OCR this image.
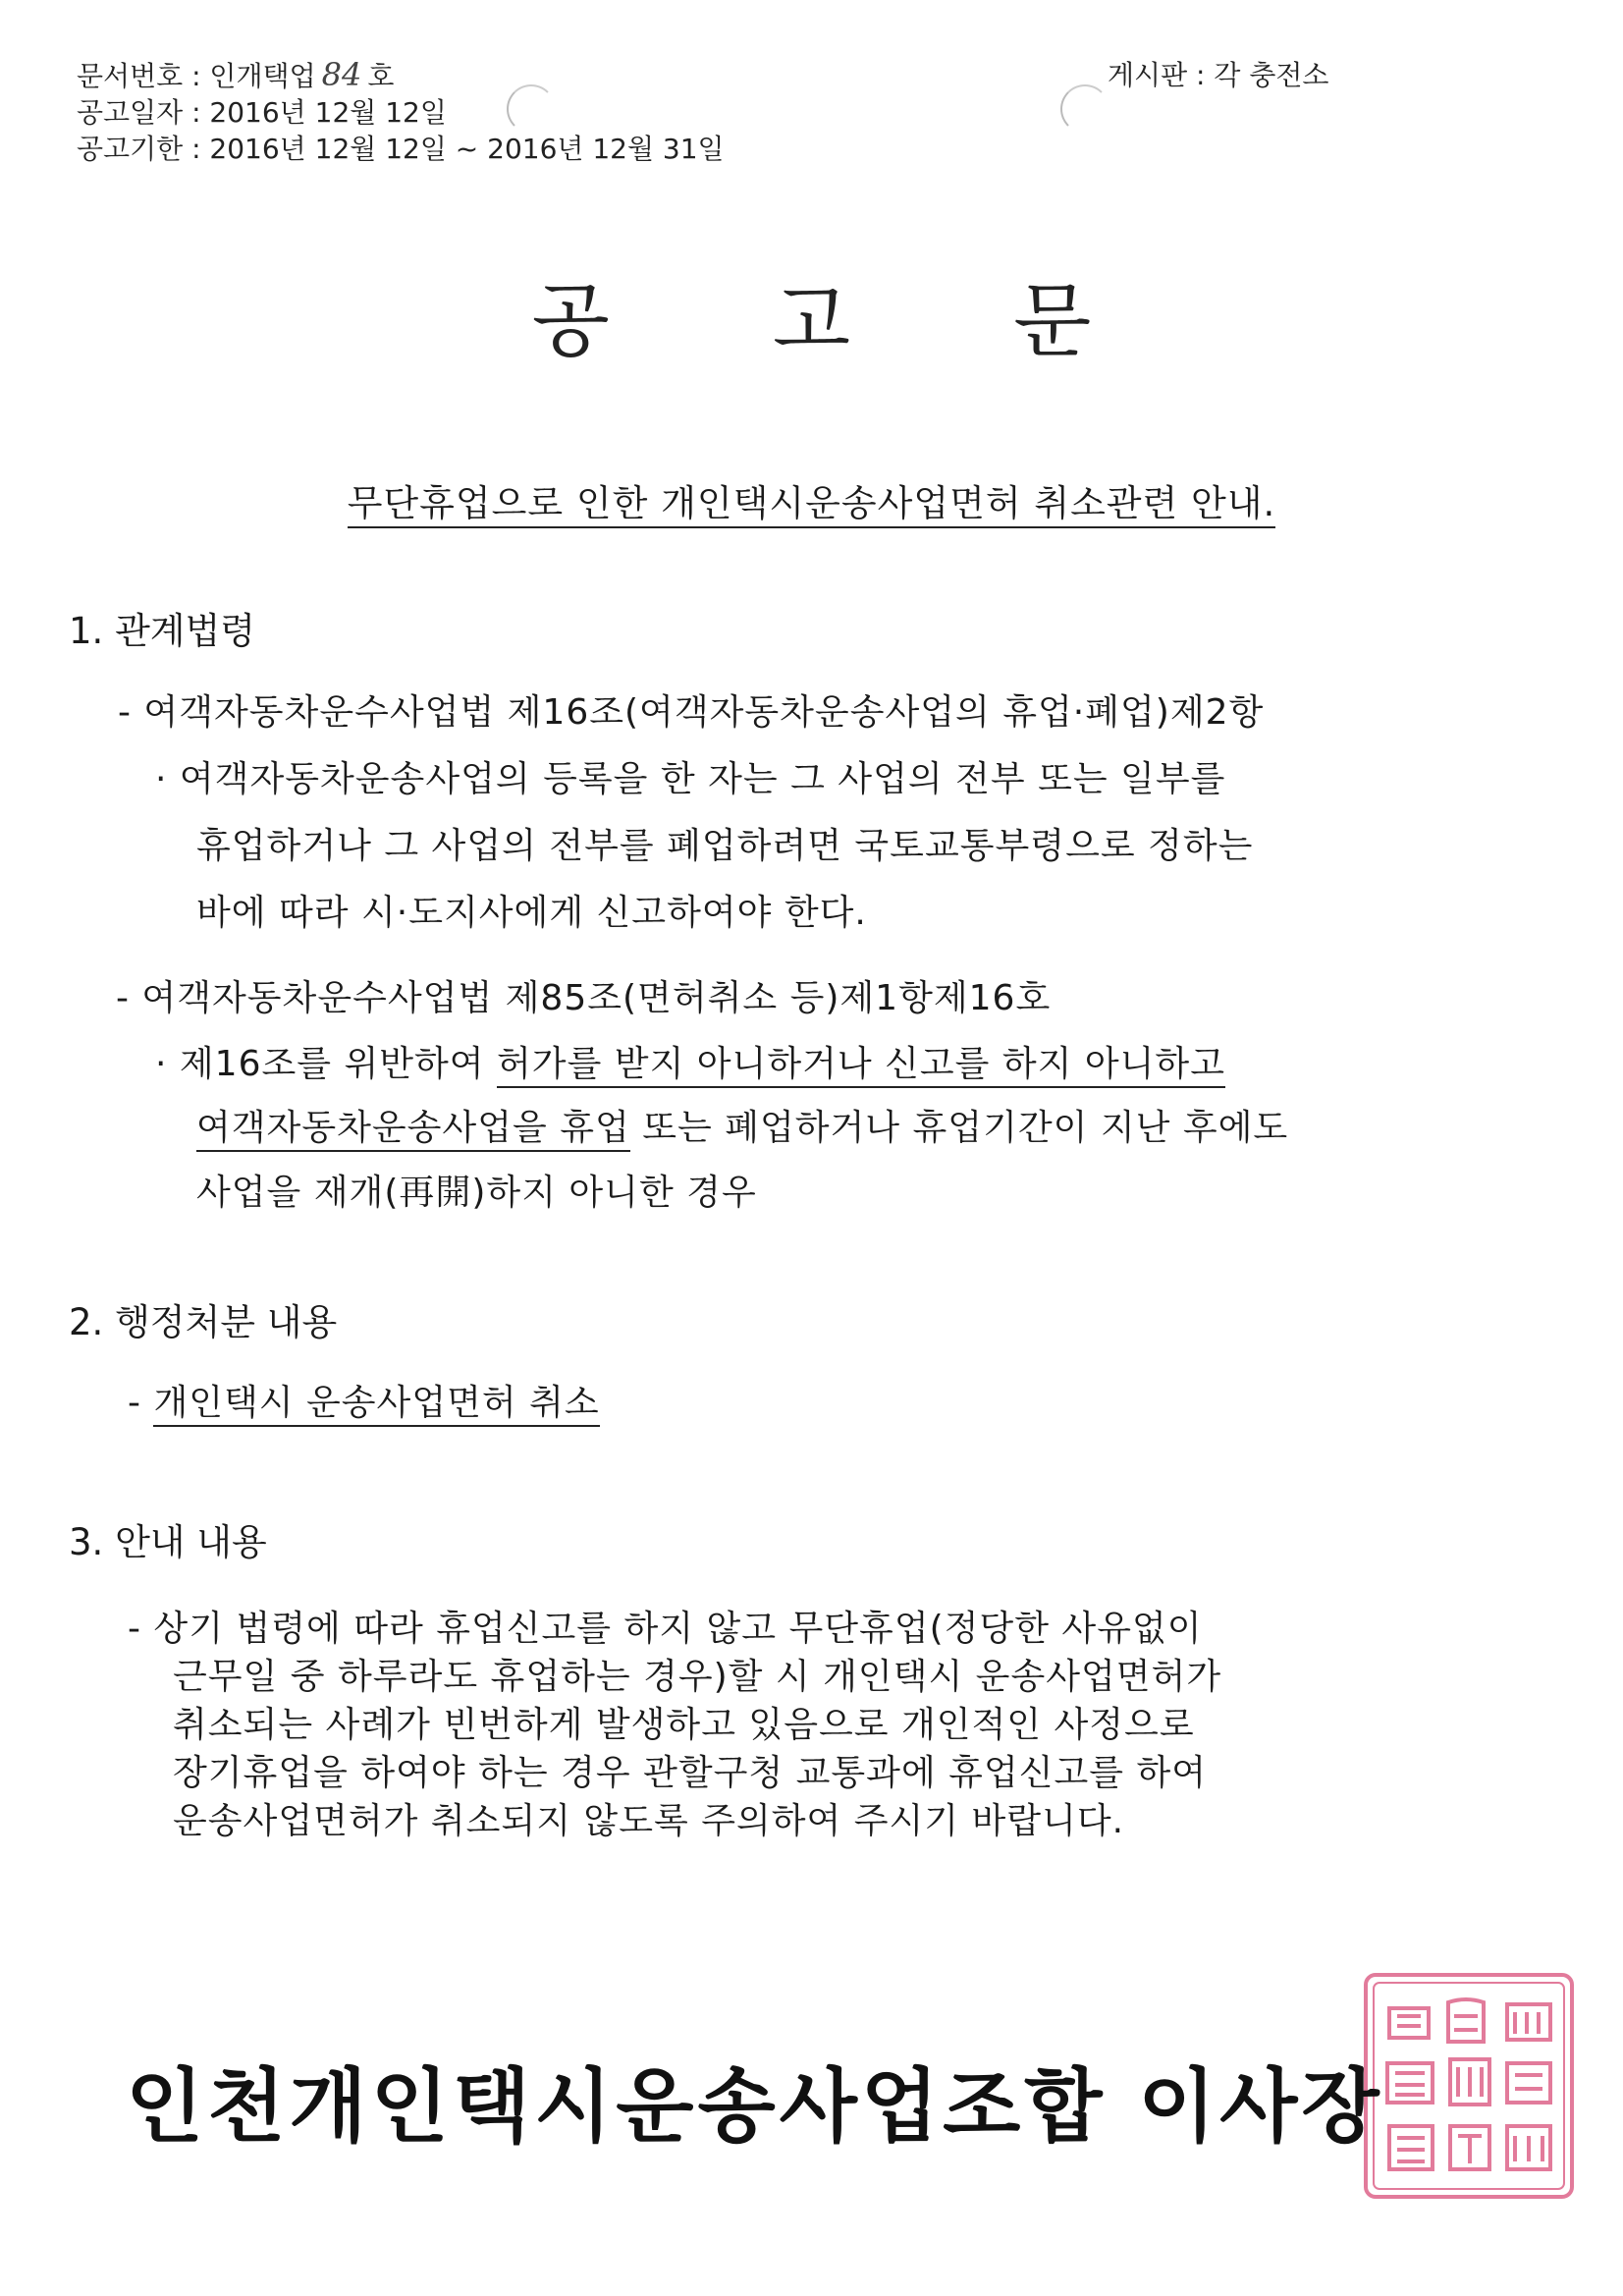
문서번호 : 인개택업 84 호
공고일자 : 2016년 12월 12일
공고기한 : 2016년 12월 12일 ~ 2016년 12월 31일
게시판 : 각 충전소
공 고 문
무단휴업으로 인한 개인택시운송사업면허 취소관련 안내.
1. 관계법령
- 여객자동차운수사업법 제16조(여객자동차운송사업의 휴업·폐업)제2항
· 여객자동차운송사업의 등록을 한 자는 그 사업의 전부 또는 일부를
휴업하거나 그 사업의 전부를 폐업하려면 국토교통부령으로 정하는
바에 따라 시·도지사에게 신고하여야 한다.
- 여객자동차운수사업법 제85조(면허취소 등)제1항제16호
· 제16조를 위반하여 허가를 받지 아니하거나 신고를 하지 아니하고
여객자동차운송사업을 휴업 또는 폐업하거나 휴업기간이 지난 후에도
사업을 재개(再開)하지 아니한 경우
2. 행정처분 내용
- 개인택시 운송사업면허 취소
3. 안내 내용
- 상기 법령에 따라 휴업신고를 하지 않고 무단휴업(정당한 사유없이
근무일 중 하루라도 휴업하는 경우)할 시 개인택시 운송사업면허가
취소되는 사례가 빈번하게 발생하고 있음으로 개인적인 사정으로
장기휴업을 하여야 하는 경우 관할구청 교통과에 휴업신고를 하여
운송사업면허가 취소되지 않도록 주의하여 주시기 바랍니다.
인천개인택시운송사업조합 이사장
